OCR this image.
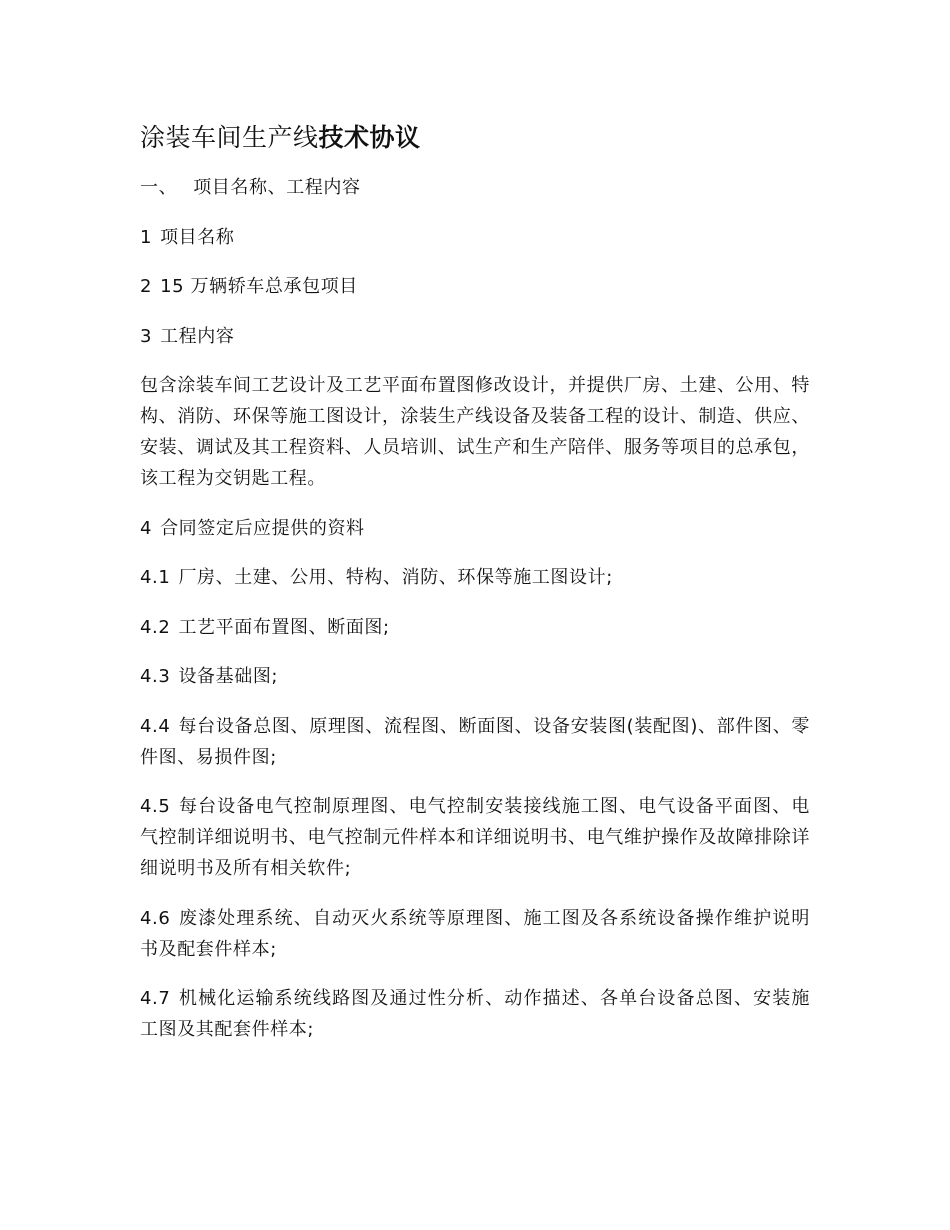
涂装车间生产线技术协议

一、 项目名称、工程内容

1 项目名称

2 15 万辆轿车总承包项目

3 工程内容

包含涂装车间工艺设计及工艺平面布置图修改设计，并提供厂房、土建、公用、特构、消防、环保等施工图设计，涂装生产线设备及装备工程的设计、制造、供应、安装、调试及其工程资料、人员培训、试生产和生产陪伴、服务等项目的总承包，该工程为交钥匙工程。

4 合同签定后应提供的资料

4.1 厂房、土建、公用、特构、消防、环保等施工图设计;

4.2 工艺平面布置图、断面图;

4.3 设备基础图;

4.4 每台设备总图、原理图、流程图、断面图、设备安装图(装配图)、部件图、零件图、易损件图;

4.5 每台设备电气控制原理图、电气控制安装接线施工图、电气设备平面图、电气控制详细说明书、电气控制元件样本和详细说明书、电气维护操作及故障排除详细说明书及所有相关软件;

4.6 废漆处理系统、自动灭火系统等原理图、施工图及各系统设备操作维护说明书及配套件样本;

4.7 机械化运输系统线路图及通过性分析、动作描述、各单台设备总图、安装施工图及其配套件样本;
